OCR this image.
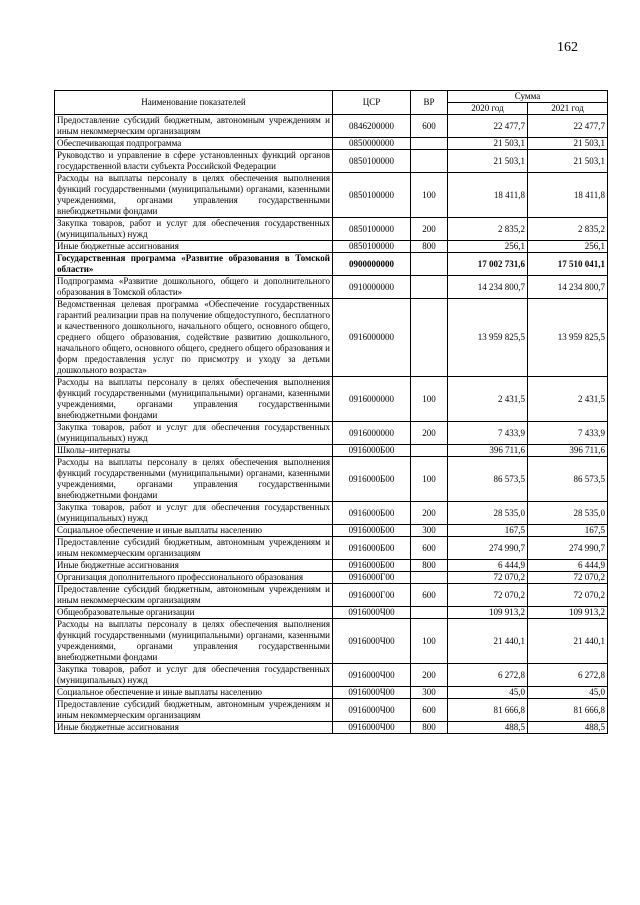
162
Наименование показателей	ЦСР	ВР	Сумма	
			2020 год	2021 год
Предоставление субсидий бюджетным, автономным учреждениям и иным некоммерческим организациям	0846200000	600	22 477,7	22 477,7
Обеспечивающая подпрограмма	0850000000		21 503,1	21 503,1
Руководство и управление в сфере установленных функций органов государственной власти субъекта Российской Федерации	0850100000		21 503,1	21 503,1
Расходы на выплаты персоналу в целях обеспечения выполнения функций государственными (муниципальными) органами, казенными учреждениями, органами управления государственными внебюджетными фондами	0850100000	100	18 411,8	18 411,8
Закупка товаров, работ и услуг для обеспечения государственных (муниципальных) нужд	0850100000	200	2 835,2	2 835,2
Иные бюджетные ассигнования	0850100000	800	256,1	256,1
Государственная программа «Развитие образования в Томской области»	0900000000		17 002 731,6	17 510 041,1
Подпрограмма «Развитие дошкольного, общего и дополнительного образования в Томской области»	0910000000		14 234 800,7	14 234 800,7
Ведомственная целевая программа «Обеспечение государственных гарантий реализации прав на получение общедоступного, бесплатного и качественного дошкольного, начального общего, основного общего, среднего общего образования, содействие развитию дошкольного, начального общего, основного общего, среднего общего образования и форм предоставления услуг по присмотру и уходу за детьми дошкольного возраста»	0916000000		13 959 825,5	13 959 825,5
Расходы на выплаты персоналу в целях обеспечения выполнения функций государственными (муниципальными) органами, казенными учреждениями, органами управления государственными внебюджетными фондами	0916000000	100	2 431,5	2 431,5
Закупка товаров, работ и услуг для обеспечения государственных (муниципальных) нужд	0916000000	200	7 433,9	7 433,9
Школы–интернаты	0916000Б00		396 711,6	396 711,6
Расходы на выплаты персоналу в целях обеспечения выполнения функций государственными (муниципальными) органами, казенными учреждениями, органами управления государственными внебюджетными фондами	0916000Б00	100	86 573,5	86 573,5
Закупка товаров, работ и услуг для обеспечения государственных (муниципальных) нужд	0916000Б00	200	28 535,0	28 535,0
Социальное обеспечение и иные выплаты населению	0916000Б00	300	167,5	167,5
Предоставление субсидий бюджетным, автономным учреждениям и иным некоммерческим организациям	0916000Б00	600	274 990,7	274 990,7
Иные бюджетные ассигнования	0916000Б00	800	6 444,9	6 444,9
Организация дополнительного профессионального образования	0916000Г00		72 070,2	72 070,2
Предоставление субсидий бюджетным, автономным учреждениям и иным некоммерческим организациям	0916000Г00	600	72 070,2	72 070,2
Общеобразовательные организации	0916000Ч00		109 913,2	109 913,2
Расходы на выплаты персоналу в целях обеспечения выполнения функций государственными (муниципальными) органами, казенными учреждениями, органами управления государственными внебюджетными фондами	0916000Ч00	100	21 440,1	21 440,1
Закупка товаров, работ и услуг для обеспечения государственных (муниципальных) нужд	0916000Ч00	200	6 272,8	6 272,8
Социальное обеспечение и иные выплаты населению	0916000Ч00	300	45,0	45,0
Предоставление субсидий бюджетным, автономным учреждениям и иным некоммерческим организациям	0916000Ч00	600	81 666,8	81 666,8
Иные бюджетные ассигнования	0916000Ч00	800	488,5	488,5
